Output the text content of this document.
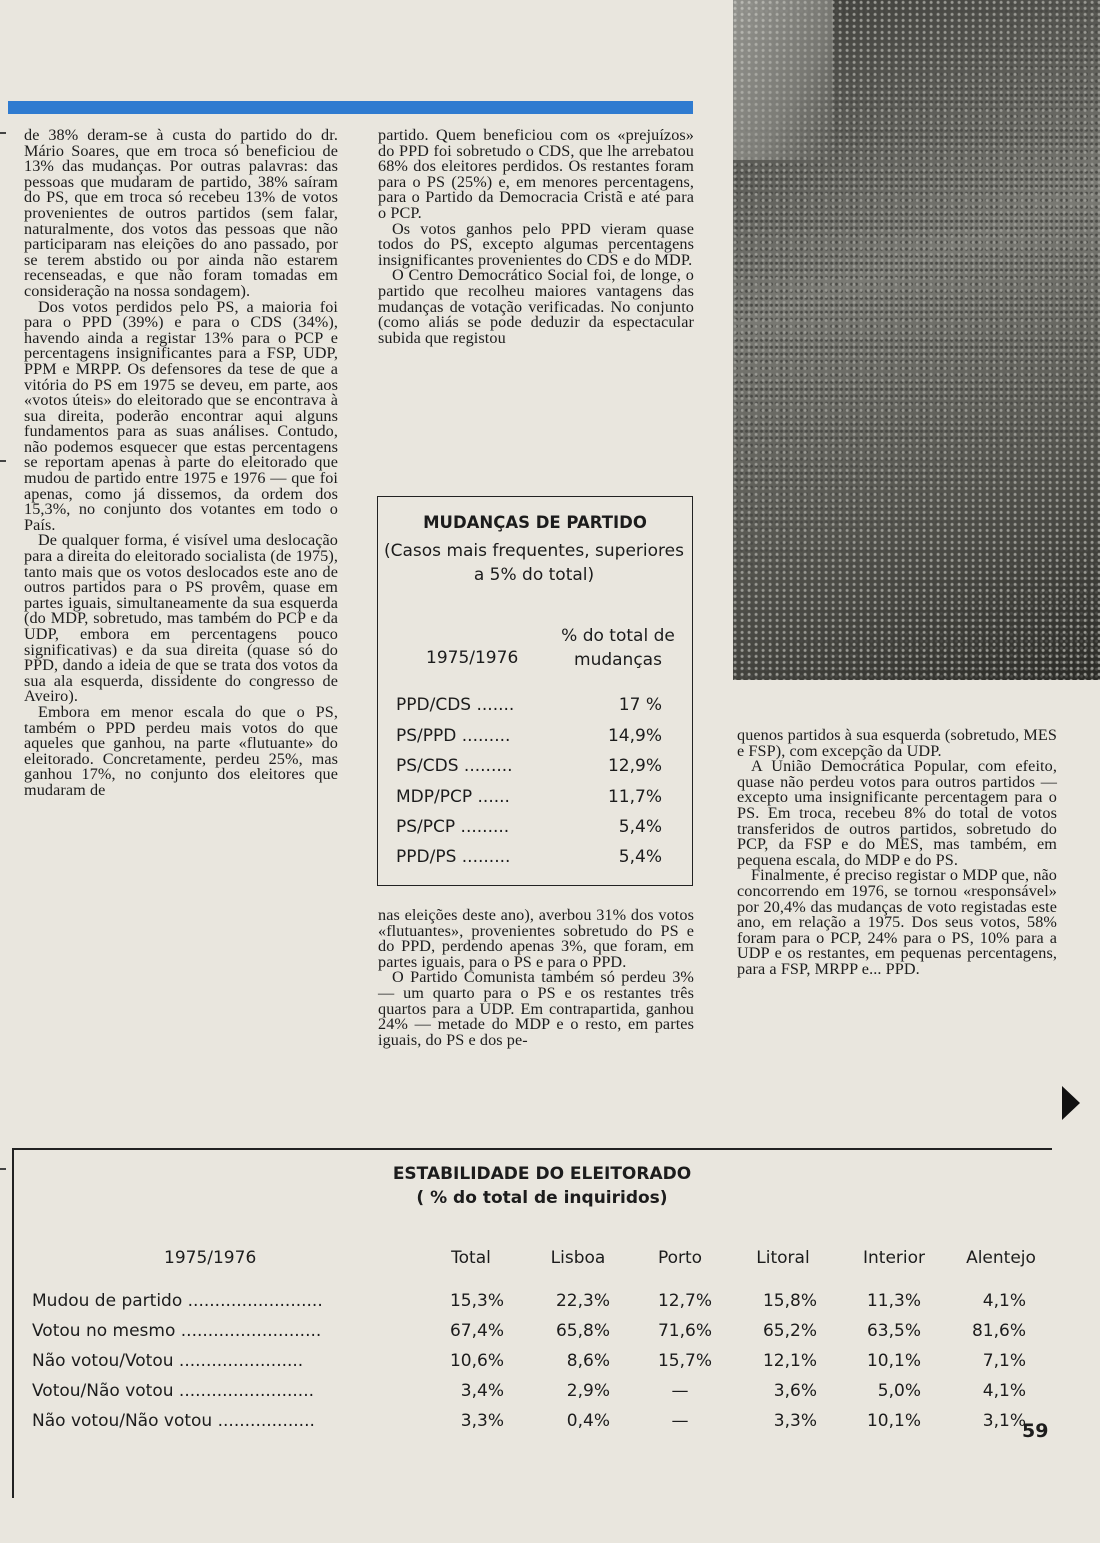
de 38% deram-se à custa do partido do dr. Mário Soares, que em troca só beneficiou de 13% das mudanças. Por outras palavras: das pessoas que mudaram de partido, 38% saíram do PS, que em troca só recebeu 13% de votos provenientes de outros partidos (sem falar, naturalmente, dos votos das pessoas que não participaram nas eleições do ano passado, por se terem abstido ou por ainda não estarem recenseadas, e que não foram tomadas em consideração na nossa sondagem).

Dos votos perdidos pelo PS, a maioria foi para o PPD (39%) e para o CDS (34%), havendo ainda a registar 13% para o PCP e percentagens insignificantes para a FSP, UDP, PPM e MRPP. Os defensores da tese de que a vitória do PS em 1975 se deveu, em parte, aos «votos úteis» do eleitorado que se encontrava à sua direita, poderão encontrar aqui alguns fundamentos para as suas análises. Contudo, não podemos esquecer que estas percentagens se reportam apenas à parte do eleitorado que mudou de partido entre 1975 e 1976 — que foi apenas, como já dissemos, da ordem dos 15,3%, no conjunto dos votantes em todo o País.

De qualquer forma, é visível uma deslocação para a direita do eleitorado socialista (de 1975), tanto mais que os votos deslocados este ano de outros partidos para o PS provêm, quase em partes iguais, simultaneamente da sua esquerda (do MDP, sobretudo, mas também do PCP e da UDP, embora em percentagens pouco significativas) e da sua direita (quase só do PPD, dando a ideia de que se trata dos votos da sua ala esquerda, dissidente do congresso de Aveiro).

Embora em menor escala do que o PS, também o PPD perdeu mais votos do que aqueles que ganhou, na parte «flutuante» do eleitorado. Concretamente, perdeu 25%, mas ganhou 17%, no conjunto dos eleitores que mudaram de

partido. Quem beneficiou com os «prejuízos» do PPD foi sobretudo o CDS, que lhe arrebatou 68% dos eleitores perdidos. Os restantes foram para o PS (25%) e, em menores percentagens, para o Partido da Democracia Cristã e até para o PCP.

Os votos ganhos pelo PPD vieram quase todos do PS, excepto algumas percentagens insignificantes provenientes do CDS e do MDP.

O Centro Democrático Social foi, de longe, o partido que recolheu maiores vantagens das mudanças de votação verificadas. No conjunto (como aliás se pode deduzir da espectacular subida que registou

MUDANÇAS DE PARTIDO
(Casos mais frequentes, superiores a 5% do total)
% do total de mudanças
1975/1976
PPD/CDS .......	17 %
PS/PPD .........	14,9%
PS/CDS .........	12,9%
MDP/PCP ......	11,7%
PS/PCP .........	5,4%
PPD/PS .........	5,4%

nas eleições deste ano), averbou 31% dos votos «flutuantes», provenientes sobretudo do PS e do PPD, perdendo apenas 3%, que foram, em partes iguais, para o PS e para o PPD.

O Partido Comunista também só perdeu 3% — um quarto para o PS e os restantes três quartos para a UDP. Em contrapartida, ganhou 24% — metade do MDP e o resto, em partes iguais, do PS e dos pe-

quenos partidos à sua esquerda (sobretudo, MES e FSP), com excepção da UDP.

A União Democrática Popular, com efeito, quase não perdeu votos para outros partidos — excepto uma insignificante percentagem para o PS. Em troca, recebeu 8% do total de votos transferidos de outros partidos, sobretudo do PCP, da FSP e do MES, mas também, em pequena escala, do MDP e do PS.

Finalmente, é preciso registar o MDP que, não concorrendo em 1976, se tornou «responsável» por 20,4% das mudanças de voto registadas este ano, em relação a 1975. Dos seus votos, 58% foram para o PCP, 24% para o PS, 10% para a UDP e os restantes, em pequenas percentagens, para a FSP, MRPP e... PPD.

ESTABILIDADE DO ELEITORADO
( % do total de inquiridos)
1975/1976	Total	Lisboa	Porto	Litoral	Interior	Alentejo
Mudou de partido .........................	15,3%	22,3%	12,7%	15,8%	11,3%	4,1%
Votou no mesmo ..........................	67,4%	65,8%	71,6%	65,2%	63,5%	81,6%
Não votou/Votou .......................	10,6%	8,6%	15,7%	12,1%	10,1%	7,1%
Votou/Não votou .........................	3,4%	2,9%	—	3,6%	5,0%	4,1%
Não votou/Não votou ..................	3,3%	0,4%	—	3,3%	10,1%	3,1%
59
